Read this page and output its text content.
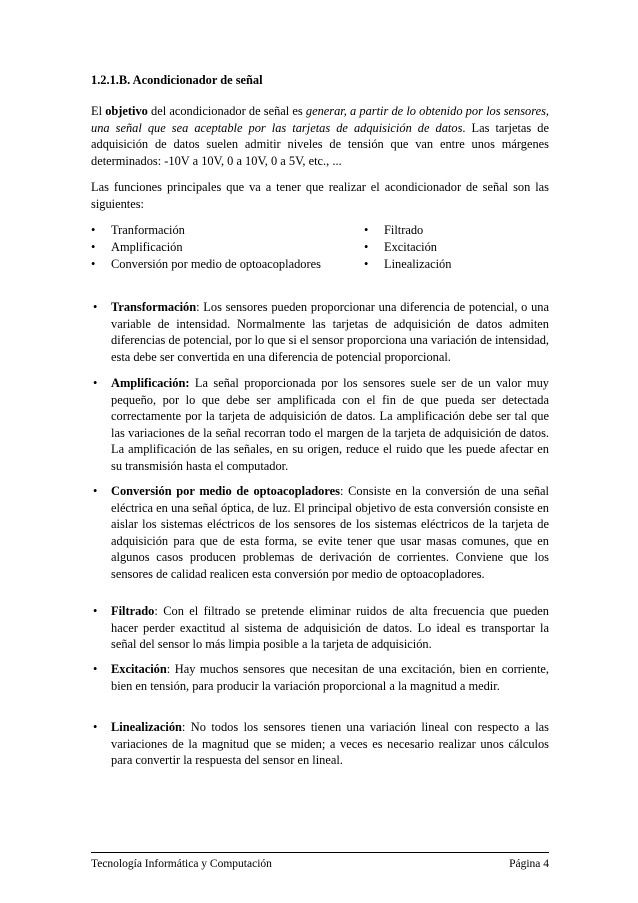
1.2.1.B. Acondicionador de señal
El objetivo del acondicionador de señal es generar, a partir de lo obtenido por los sensores, una señal que sea aceptable por las tarjetas de adquisición de datos. Las tarjetas de adquisición de datos suelen admitir niveles de tensión que van entre unos márgenes determinados: -10V a 10V, 0 a 10V, 0 a 5V, etc., ...
Las funciones principales que va a tener que realizar el acondicionador de señal son las siguientes:
•	Tranformación
•	Amplificación
•	Conversión por medio de optoacopladores
•	Filtrado
•	Excitación
•	Linealización
•	Transformación: Los sensores pueden proporcionar una diferencia de potencial, o una variable de intensidad. Normalmente las tarjetas de adquisición de datos admiten diferencias de potencial, por lo que si el sensor proporciona una variación de intensidad, esta debe ser convertida en una diferencia de potencial proporcional.
•	Amplificación: La señal proporcionada por los sensores suele ser de un valor muy pequeño, por lo que debe ser amplificada con el fin de que pueda ser detectada correctamente por la tarjeta de adquisición de datos. La amplificación debe ser tal que las variaciones de la señal recorran todo el margen de la tarjeta de adquisición de datos. La amplificación de las señales, en su origen, reduce el ruido que les puede afectar en su transmisión hasta el computador.
•	Conversión por medio de optoacopladores: Consiste en la conversión de una señal eléctrica en una señal óptica, de luz. El principal objetivo de esta conversión consiste en aislar los sistemas eléctricos de los sensores de los sistemas eléctricos de la tarjeta de adquisición para que de esta forma, se evite tener que usar masas comunes, que en algunos casos producen problemas de derivación de corrientes. Conviene que los sensores de calidad realicen esta conversión por medio de optoacopladores.
•	Filtrado: Con el filtrado se pretende eliminar ruidos de alta frecuencia que pueden hacer perder exactitud al sistema de adquisición de datos. Lo ideal es transportar la señal del sensor lo más limpia posible a la tarjeta de adquisición.
•	Excitación: Hay muchos sensores que necesitan de una excitación, bien en corriente, bien en tensión, para producir la variación proporcional a la magnitud a medir.
•	Linealización: No todos los sensores tienen una variación lineal con respecto a las variaciones de la magnitud que se miden; a veces es necesario realizar unos cálculos para convertir la respuesta del sensor en lineal.
Tecnología Informática y Computación	Página 4
